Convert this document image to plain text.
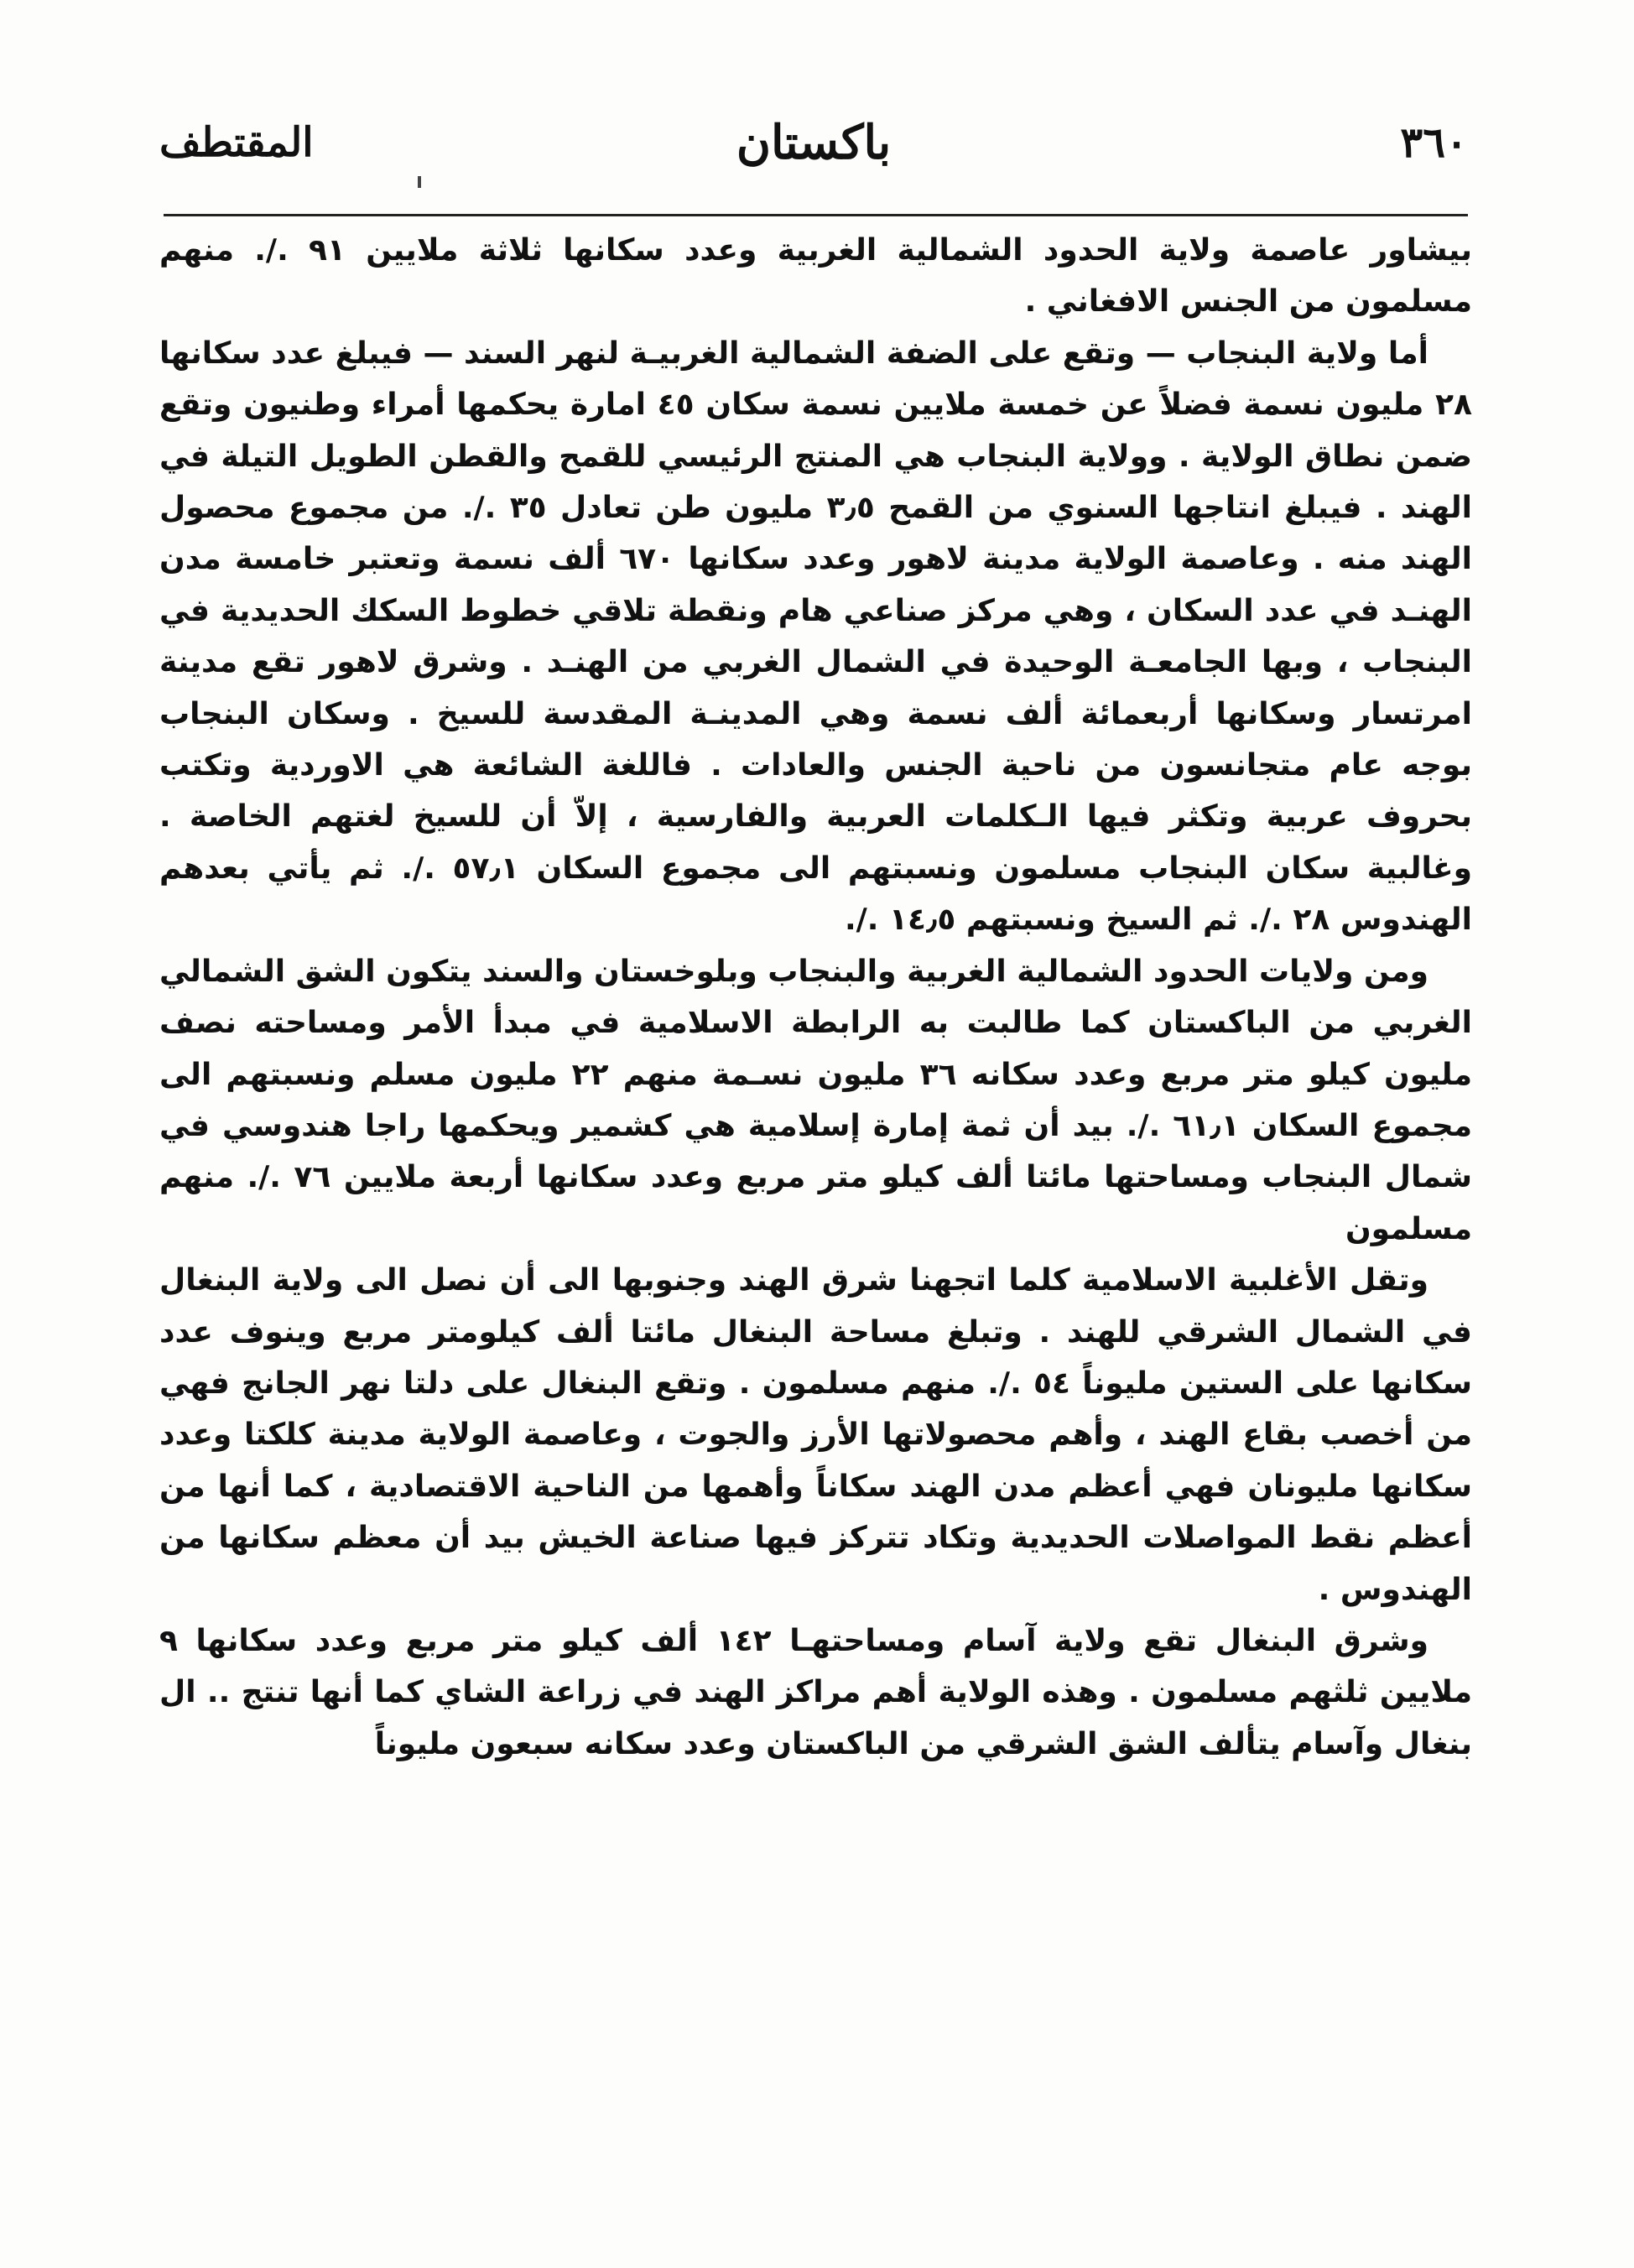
٣٦٠
باكستان
المقتطف

بيشاور عاصمة ولاية الحدود الشمالية الغربية وعدد سكانها ثلاثة ملايين ٩١ ./. منهم مسلمون من الجنس الافغاني .

أما ولاية البنجاب — وتقع على الضفة الشمالية الغربيـة لنهر السند — فيبلغ عدد سكانها ٢٨ مليون نسمة فضلاً عن خمسة ملايين نسمة سكان ٤٥ امارة يحكمها أمراء وطنيون وتقع ضمن نطاق الولاية . وولاية البنجاب هي المنتج الرئيسي للقمح والقطن الطويل التيلة في الهند . فيبلغ انتاجها السنوي من القمح ٣٫٥ مليون طن تعادل ٣٥ ./. من مجموع محصول الهند منه . وعاصمة الولاية مدينة لاهور وعدد سكانها ٦٧٠ ألف نسمة وتعتبر خامسة مدن الهنـد في عدد السكان ، وهي مركز صناعي هام ونقطة تلاقي خطوط السكك الحديدية في البنجاب ، وبها الجامعـة الوحيدة في الشمال الغربي من الهنـد . وشرق لاهور تقع مدينة امرتسار وسكانها أربعمائة ألف نسمة وهي المدينـة المقدسة للسيخ . وسكان البنجاب بوجه عام متجانسون من ناحية الجنس والعادات . فاللغة الشائعة هي الاوردية وتكتب بحروف عربية وتكثر فيها الـكلمات العربية والفارسية ، إلاّ أن للسيخ لغتهم الخاصة . وغالبية سكان البنجاب مسلمون ونسبتهم الى مجموع السكان ٥٧٫١ ./. ثم يأتي بعدهم الهندوس ٢٨ ./. ثم السيخ ونسبتهم ١٤٫٥ ./.

ومن ولايات الحدود الشمالية الغربية والبنجاب وبلوخستان والسند يتكون الشق الشمالي الغربي من الباكستان كما طالبت به الرابطة الاسلامية في مبدأ الأمر ومساحته نصف مليون كيلو متر مربع وعدد سكانه ٣٦ مليون نسـمة منهم ٢٢ مليون مسلم ونسبتهم الى مجموع السكان ٦١٫١ ./. بيد أن ثمة إمارة إسلامية هي كشمير ويحكمها راجا هندوسي في شمال البنجاب ومساحتها مائتا ألف كيلو متر مربع وعدد سكانها أربعة ملايين ٧٦ ./. منهم مسلمون

وتقل الأغلبية الاسلامية كلما اتجهنا شرق الهند وجنوبها الى أن نصل الى ولاية البنغال في الشمال الشرقي للهند . وتبلغ مساحة البنغال مائتا ألف كيلومتر مربع وينوف عدد سكانها على الستين مليوناً ٥٤ ./. منهم مسلمون . وتقع البنغال على دلتا نهر الجانج فهي من أخصب بقاع الهند ، وأهم محصولاتها الأرز والجوت ، وعاصمة الولاية مدينة كلكتا وعدد سكانها مليونان فهي أعظم مدن الهند سكاناً وأهمها من الناحية الاقتصادية ، كما أنها من أعظم نقط المواصلات الحديدية وتكاد تتركز فيها صناعة الخيش بيد أن معظم سكانها من الهندوس .

وشرق البنغال تقع ولاية آسام ومساحتهـا ١٤٢ ألف كيلو متر مربع وعدد سكانها ٩ ملايين ثلثهم مسلمون . وهذه الولاية أهم مراكز الهند في زراعة الشاي كما أنها تنتج .. ال بنغال وآسام يتألف الشق الشرقي من الباكستان وعدد سكانه سبعون مليوناً
